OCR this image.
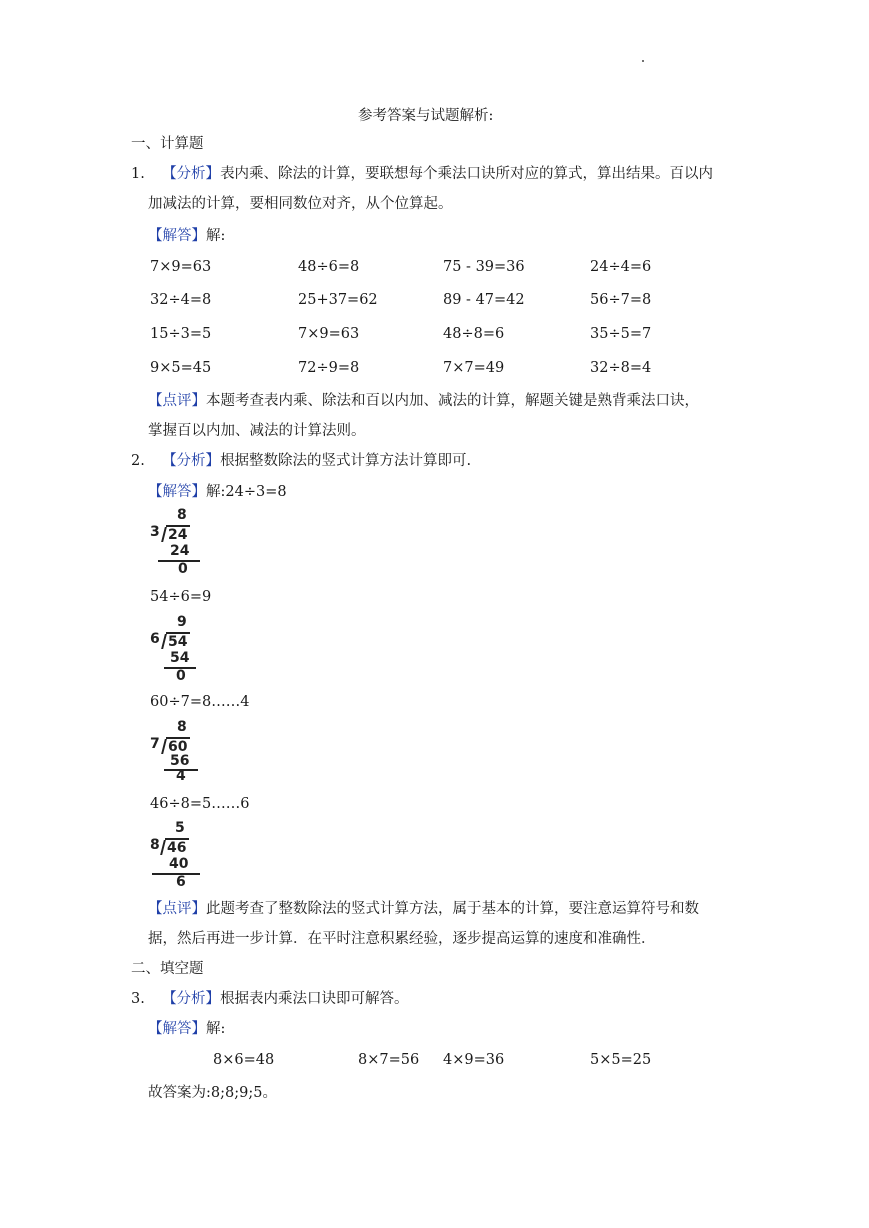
参考答案与试题解析:
一、计算题
1. 【分析】表内乘、除法的计算，要联想每个乘法口诀所对应的算式，算出结果。百以内
加减法的计算，要相同数位对齐，从个位算起。
【解答】解:
7×9=63	48÷6=8	75 - 39=36	24÷4=6
32÷4=8	25+37=62	89 - 47=42	56÷7=8
15÷3=5	7×9=63	48÷8=6	35÷5=7
9×5=45	72÷9=8	7×7=49	32÷8=4
【点评】本题考查表内乘、除法和百以内加、减法的计算，解题关键是熟背乘法口诀，
掌握百以内加、减法的计算法则。
2. 【分析】根据整数除法的竖式计算方法计算即可.
【解答】解:24÷3=8
8
3 24
24
0
54÷6=9
9
6 54
54
0
60÷7=8……4
8
7 60
56
4
46÷8=5……6
5
8 46
40
6
【点评】此题考查了整数除法的竖式计算方法，属于基本的计算，要注意运算符号和数
据，然后再进一步计算．在平时注意积累经验，逐步提高运算的速度和准确性．
二、填空题
3. 【分析】根据表内乘法口诀即可解答。
【解答】解:
8×6=48	8×7=56 4×9=36	5×5=25
故答案为:8;8;9;5。
